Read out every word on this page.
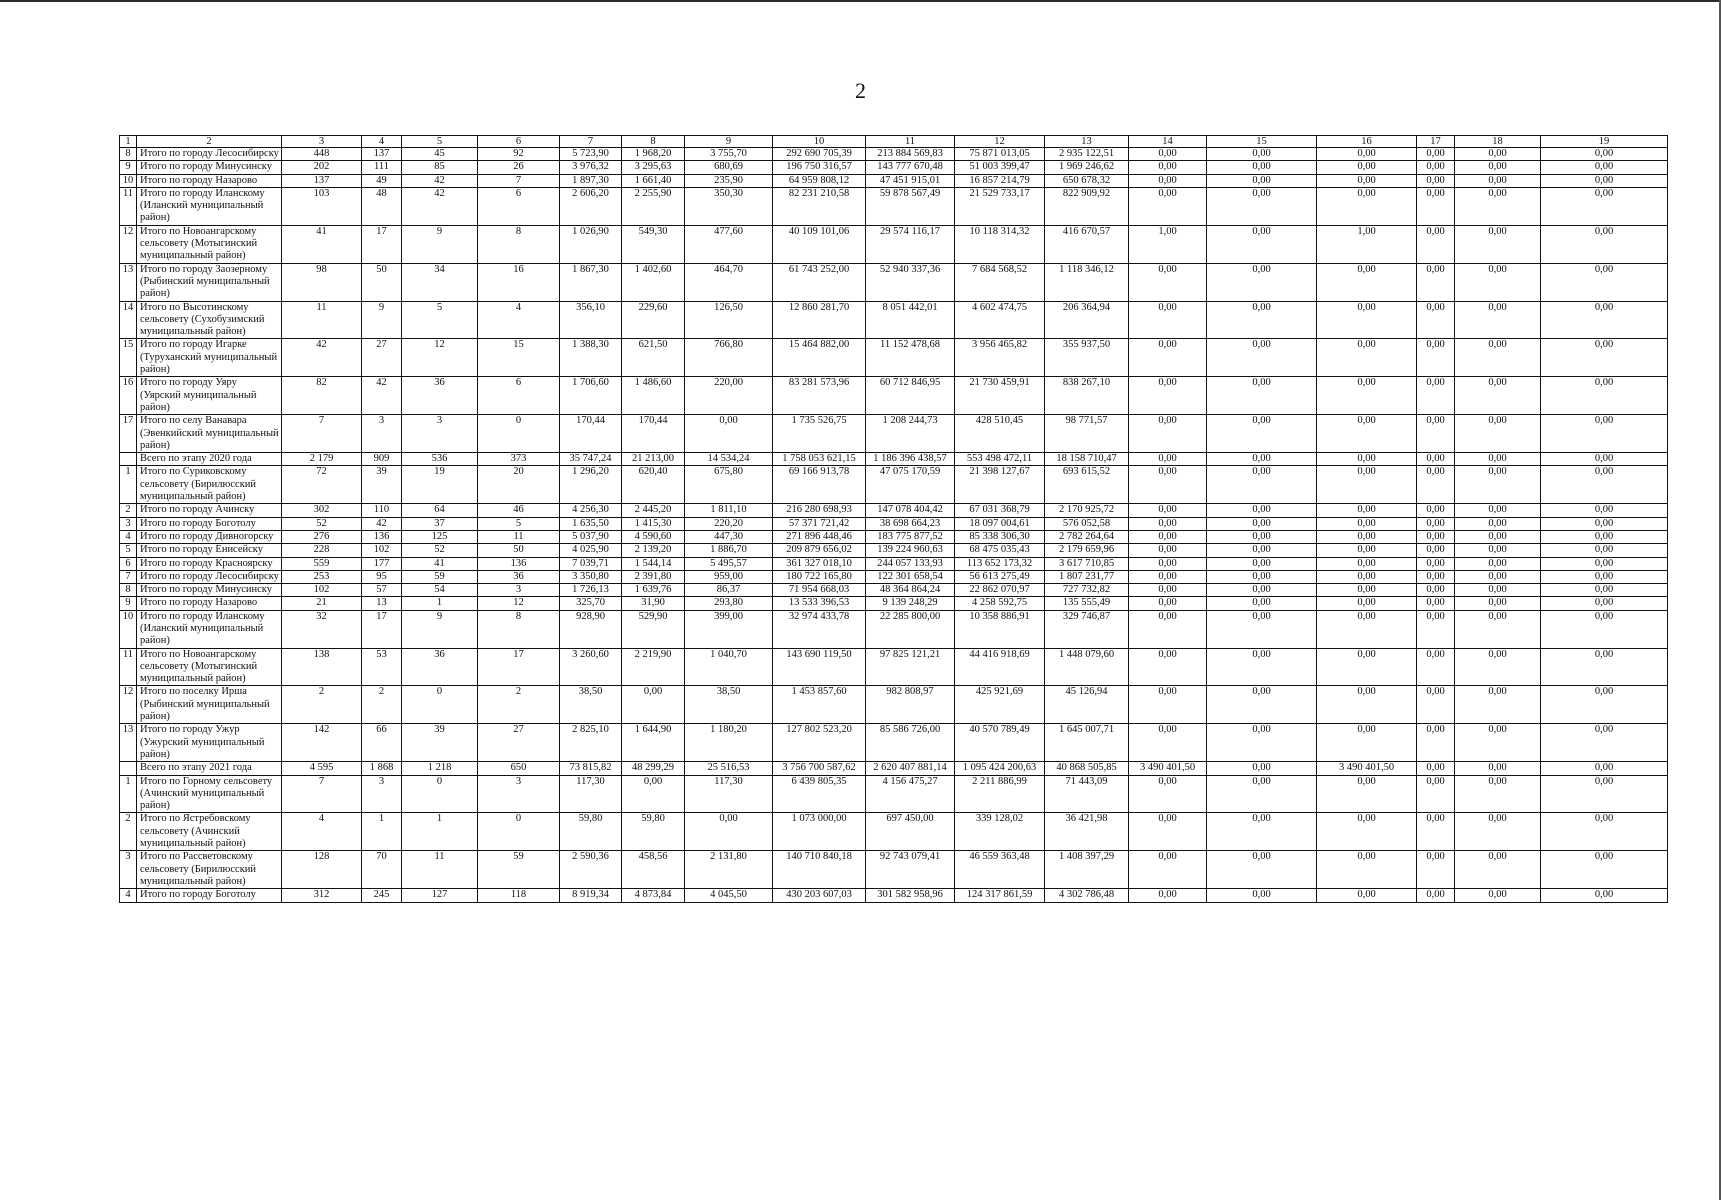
2
1	2	3	4	5	6	7	8	9	10	11	12	13	14	15	16	17	18	19
8	Итого по городу Лесосибирску	448	137	45	92	5 723,90	1 968,20	3 755,70	292 690 705,39	213 884 569,83	75 871 013,05	2 935 122,51	0,00	0,00	0,00	0,00	0,00	0,00
9	Итого по городу Минусинску	202	111	85	26	3 976,32	3 295,63	680,69	196 750 316,57	143 777 670,48	51 003 399,47	1 969 246,62	0,00	0,00	0,00	0,00	0,00	0,00
10	Итого по городу Назарово	137	49	42	7	1 897,30	1 661,40	235,90	64 959 808,12	47 451 915,01	16 857 214,79	650 678,32	0,00	0,00	0,00	0,00	0,00	0,00
11	Итого по городу Иланскому (Иланский муниципальный район)	103	48	42	6	2 606,20	2 255,90	350,30	82 231 210,58	59 878 567,49	21 529 733,17	822 909,92	0,00	0,00	0,00	0,00	0,00	0,00
12	Итого по Новоангарскому сельсовету (Мотыгинский муниципальный район)	41	17	9	8	1 026,90	549,30	477,60	40 109 101,06	29 574 116,17	10 118 314,32	416 670,57	1,00	0,00	1,00	0,00	0,00	0,00
13	Итого по городу Заозерному (Рыбинский муниципальный район)	98	50	34	16	1 867,30	1 402,60	464,70	61 743 252,00	52 940 337,36	7 684 568,52	1 118 346,12	0,00	0,00	0,00	0,00	0,00	0,00
14	Итого по Высотинскому сельсовету (Сухобузимский муниципальный район)	11	9	5	4	356,10	229,60	126,50	12 860 281,70	8 051 442,01	4 602 474,75	206 364,94	0,00	0,00	0,00	0,00	0,00	0,00
15	Итого по городу Игарке (Туруханский муниципальный район)	42	27	12	15	1 388,30	621,50	766,80	15 464 882,00	11 152 478,68	3 956 465,82	355 937,50	0,00	0,00	0,00	0,00	0,00	0,00
16	Итого по городу Уяру (Уярский муниципальный район)	82	42	36	6	1 706,60	1 486,60	220,00	83 281 573,96	60 712 846,95	21 730 459,91	838 267,10	0,00	0,00	0,00	0,00	0,00	0,00
17	Итого по селу Ванавара (Эвенкийский муниципальный район)	7	3	3	0	170,44	170,44	0,00	1 735 526,75	1 208 244,73	428 510,45	98 771,57	0,00	0,00	0,00	0,00	0,00	0,00
	Всего по этапу 2020 года	2 179	909	536	373	35 747,24	21 213,00	14 534,24	1 758 053 621,15	1 186 396 438,57	553 498 472,11	18 158 710,47	0,00	0,00	0,00	0,00	0,00	0,00
1	Итого по Суриковскому сельсовету (Бирилюсский муниципальный район)	72	39	19	20	1 296,20	620,40	675,80	69 166 913,78	47 075 170,59	21 398 127,67	693 615,52	0,00	0,00	0,00	0,00	0,00	0,00
2	Итого по городу Ачинску	302	110	64	46	4 256,30	2 445,20	1 811,10	216 280 698,93	147 078 404,42	67 031 368,79	2 170 925,72	0,00	0,00	0,00	0,00	0,00	0,00
3	Итого по городу Боготолу	52	42	37	5	1 635,50	1 415,30	220,20	57 371 721,42	38 698 664,23	18 097 004,61	576 052,58	0,00	0,00	0,00	0,00	0,00	0,00
4	Итого по городу Дивногорску	276	136	125	11	5 037,90	4 590,60	447,30	271 896 448,46	183 775 877,52	85 338 306,30	2 782 264,64	0,00	0,00	0,00	0,00	0,00	0,00
5	Итого по городу Енисейску	228	102	52	50	4 025,90	2 139,20	1 886,70	209 879 656,02	139 224 960,63	68 475 035,43	2 179 659,96	0,00	0,00	0,00	0,00	0,00	0,00
6	Итого по городу Красноярску	559	177	41	136	7 039,71	1 544,14	5 495,57	361 327 018,10	244 057 133,93	113 652 173,32	3 617 710,85	0,00	0,00	0,00	0,00	0,00	0,00
7	Итого по городу Лесосибирску	253	95	59	36	3 350,80	2 391,80	959,00	180 722 165,80	122 301 658,54	56 613 275,49	1 807 231,77	0,00	0,00	0,00	0,00	0,00	0,00
8	Итого по городу Минусинску	102	57	54	3	1 726,13	1 639,76	86,37	71 954 668,03	48 364 864,24	22 862 070,97	727 732,82	0,00	0,00	0,00	0,00	0,00	0,00
9	Итого по городу Назарово	21	13	1	12	325,70	31,90	293,80	13 533 396,53	9 139 248,29	4 258 592,75	135 555,49	0,00	0,00	0,00	0,00	0,00	0,00
10	Итого по городу Иланскому (Иланский муниципальный район)	32	17	9	8	928,90	529,90	399,00	32 974 433,78	22 285 800,00	10 358 886,91	329 746,87	0,00	0,00	0,00	0,00	0,00	0,00
11	Итого по Новоангарскому сельсовету (Мотыгинский муниципальный район)	138	53	36	17	3 260,60	2 219,90	1 040,70	143 690 119,50	97 825 121,21	44 416 918,69	1 448 079,60	0,00	0,00	0,00	0,00	0,00	0,00
12	Итого по поселку Ирша (Рыбинский муниципальный район)	2	2	0	2	38,50	0,00	38,50	1 453 857,60	982 808,97	425 921,69	45 126,94	0,00	0,00	0,00	0,00	0,00	0,00
13	Итого по городу Ужур (Ужурский муниципальный район)	142	66	39	27	2 825,10	1 644,90	1 180,20	127 802 523,20	85 586 726,00	40 570 789,49	1 645 007,71	0,00	0,00	0,00	0,00	0,00	0,00
	Всего по этапу 2021 года	4 595	1 868	1 218	650	73 815,82	48 299,29	25 516,53	3 756 700 587,62	2 620 407 881,14	1 095 424 200,63	40 868 505,85	3 490 401,50	0,00	3 490 401,50	0,00	0,00	0,00
1	Итого по Горному сельсовету (Ачинский муниципальный район)	7	3	0	3	117,30	0,00	117,30	6 439 805,35	4 156 475,27	2 211 886,99	71 443,09	0,00	0,00	0,00	0,00	0,00	0,00
2	Итого по Ястребовскому сельсовету (Ачинский муниципальный район)	4	1	1	0	59,80	59,80	0,00	1 073 000,00	697 450,00	339 128,02	36 421,98	0,00	0,00	0,00	0,00	0,00	0,00
3	Итого по Рассветовскому сельсовету (Бирилюсский муниципальный район)	128	70	11	59	2 590,36	458,56	2 131,80	140 710 840,18	92 743 079,41	46 559 363,48	1 408 397,29	0,00	0,00	0,00	0,00	0,00	0,00
4	Итого по городу Боготолу	312	245	127	118	8 919,34	4 873,84	4 045,50	430 203 607,03	301 582 958,96	124 317 861,59	4 302 786,48	0,00	0,00	0,00	0,00	0,00	0,00
